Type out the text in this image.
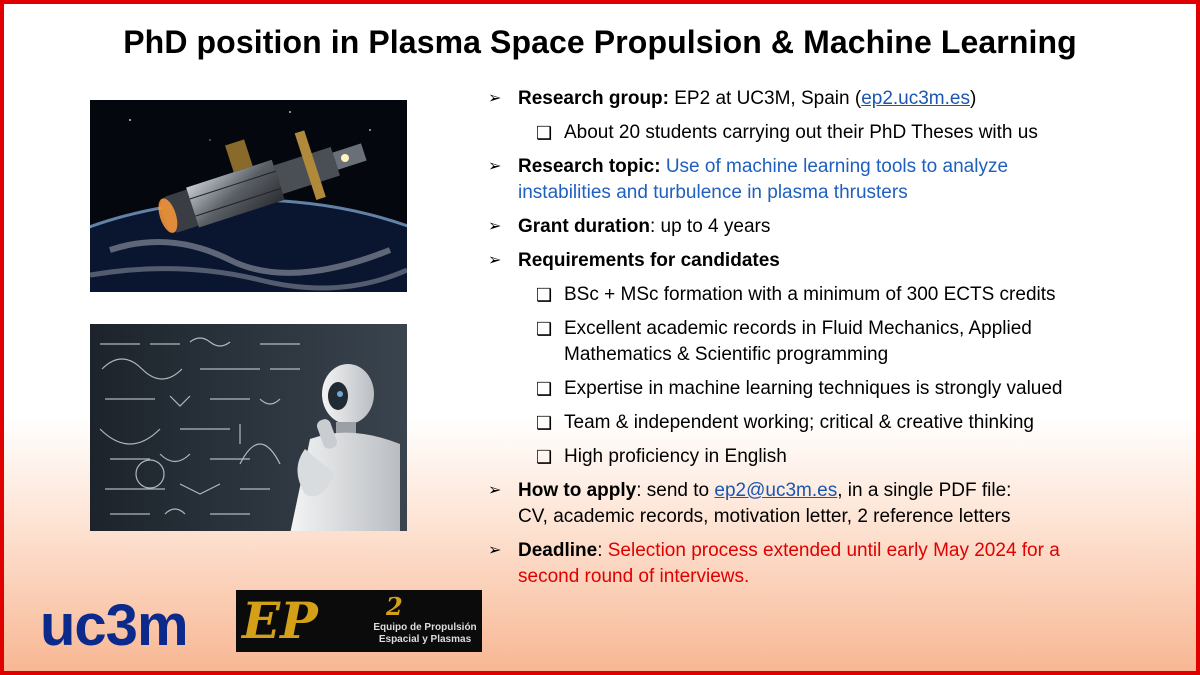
PhD position in Plasma Space Propulsion & Machine Learning
➢ Research group: EP2 at UC3M, Spain (ep2.uc3m.es)
❑ About 20 students carrying out their PhD Theses with us
➢ Research topic: Use of machine learning tools to analyze
instabilities and turbulence in plasma thrusters
➢ Grant duration: up to 4 years
➢ Requirements for candidates
❑ BSc + MSc formation with a minimum of 300 ECTS credits
❑ Excellent academic records in Fluid Mechanics, Applied
Mathematics & Scientific programming
❑ Expertise in machine learning techniques is strongly valued
❑ Team & independent working; critical & creative thinking
❑ High proficiency in English
➢ How to apply: send to ep2@uc3m.es, in a single PDF file:
CV, academic records, motivation letter, 2 reference letters
➢ Deadline: Selection process extended until early May 2024 for a
second round of interviews.
uc3m EP	2
Equipo de Propulsión
Espacial y Plasmas
